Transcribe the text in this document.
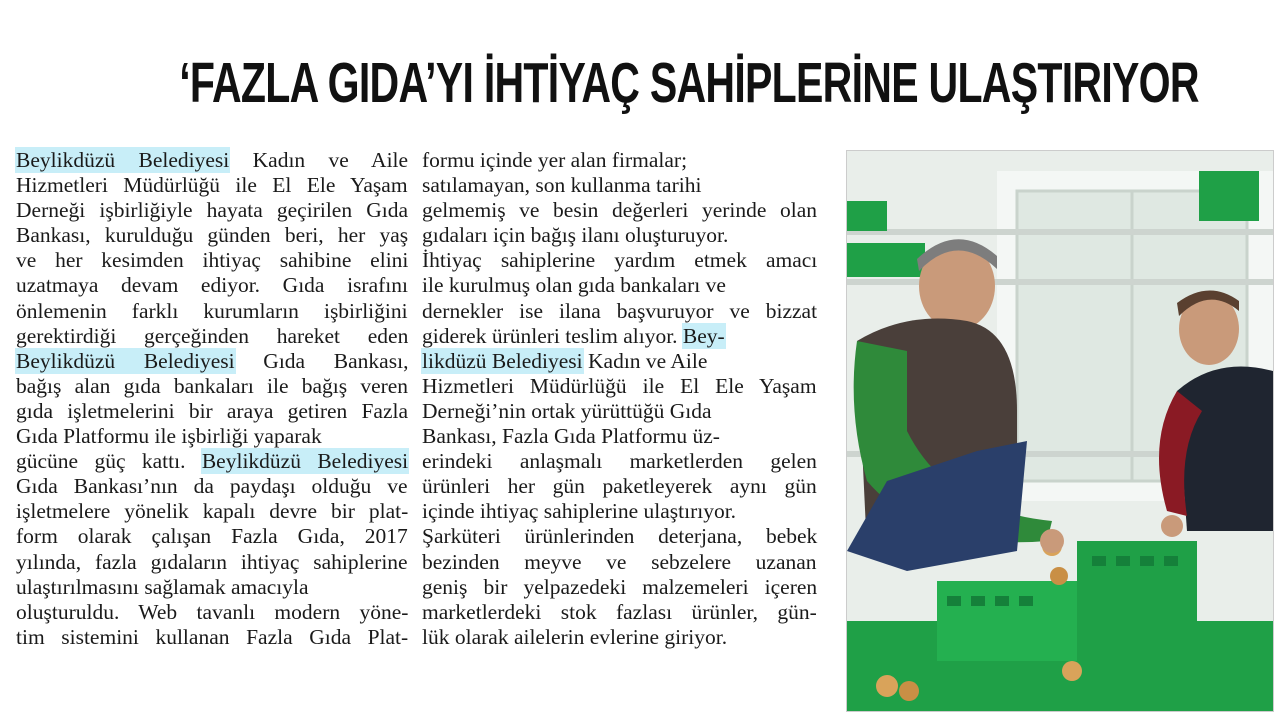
‘FAZLA GIDA’YI İHTİYAÇ SAHİPLERİNE ULAŞTIRIYOR
Beylikdüzü Belediyesi Kadın ve Aile
Hizmetleri Müdürlüğü ile El Ele Yaşam
Derneği işbirliğiyle hayata geçirilen Gıda
Bankası, kurulduğu günden beri, her yaş
ve her kesimden ihtiyaç sahibine elini
uzatmaya devam ediyor. Gıda israfını
önlemenin farklı kurumların işbirliğini
gerektirdiği gerçeğinden hareket eden
Beylikdüzü Belediyesi Gıda Bankası,
bağış alan gıda bankaları ile bağış veren
gıda işletmelerini bir araya getiren Fazla
Gıda Platformu ile işbirliği yaparak
gücüne güç kattı. Beylikdüzü Belediyesi
Gıda Bankası’nın da paydaşı olduğu ve
işletmelere yönelik kapalı devre bir plat-
form olarak çalışan Fazla Gıda, 2017
yılında, fazla gıdaların ihtiyaç sahiplerine
ulaştırılmasını sağlamak amacıyla
oluşturuldu. Web tavanlı modern yöne-
tim sistemini kullanan Fazla Gıda Plat-
formu içinde yer alan firmalar;
satılamayan, son kullanma tarihi
gelmemiş ve besin değerleri yerinde olan
gıdaları için bağış ilanı oluşturuyor.
İhtiyaç sahiplerine yardım etmek amacı
ile kurulmuş olan gıda bankaları ve
dernekler ise ilana başvuruyor ve bizzat
giderek ürünleri teslim alıyor. Bey-
likdüzü Belediyesi Kadın ve Aile
Hizmetleri Müdürlüğü ile El Ele Yaşam
Derneği’nin ortak yürüttüğü Gıda
Bankası, Fazla Gıda Platformu üz-
erindeki anlaşmalı marketlerden gelen
ürünleri her gün paketleyerek aynı gün
içinde ihtiyaç sahiplerine ulaştırıyor.
Şarküteri ürünlerinden deterjana, bebek
bezinden meyve ve sebzelere uzanan
geniş bir yelpazedeki malzemeleri içeren
marketlerdeki stok fazlası ürünler, gün-
lük olarak ailelerin evlerine giriyor.
